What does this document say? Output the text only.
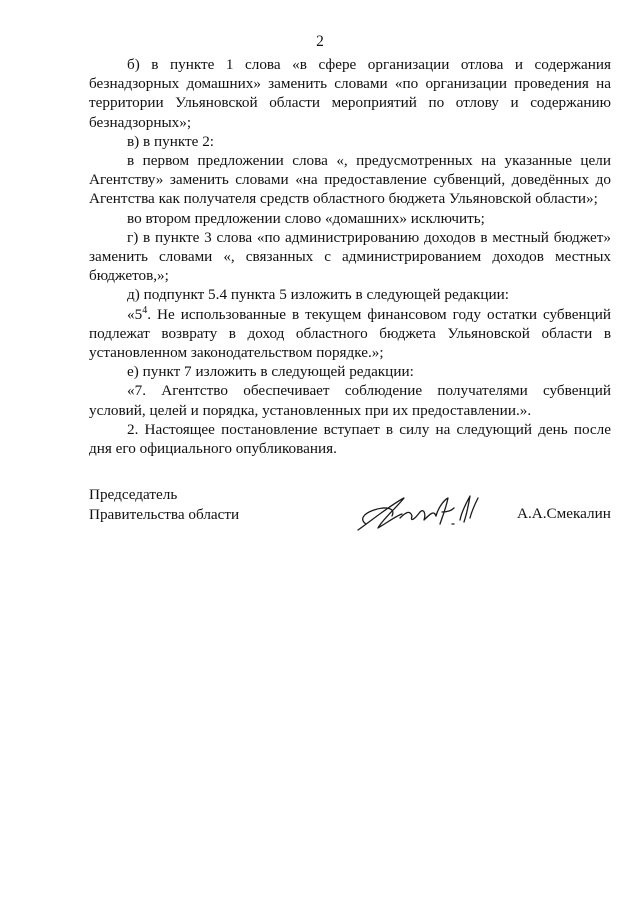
2

б) в пункте 1 слова «в сфере организации отлова и содержания безнадзорных домашних» заменить словами «по организации проведения на территории Ульяновской области мероприятий по отлову и содержанию безнадзорных»;

в) в пункте 2:

в первом предложении слова «, предусмотренных на указанные цели Агентству» заменить словами «на предоставление субвенций, доведённых до Агентства как получателя средств областного бюджета Ульяновской области»;

во втором предложении слово «домашних» исключить;

г) в пункте 3 слова «по администрированию доходов в местный бюджет» заменить словами «, связанных с администрированием доходов местных бюджетов,»;

д) подпункт 5.4 пункта 5 изложить в следующей редакции:

«$5^4$. Не использованные в текущем финансовом году остатки субвенций подлежат возврату в доход областного бюджета Ульяновской области в установленном законодательством порядке.»;

е) пункт 7 изложить в следующей редакции:

«7. Агентство обеспечивает соблюдение получателями субвенций условий, целей и порядка, установленных при их предоставлении.».

2. Настоящее постановление вступает в силу на следующий день после дня его официального опубликования.

Председатель
Правительства области	А.А.Смекалин
